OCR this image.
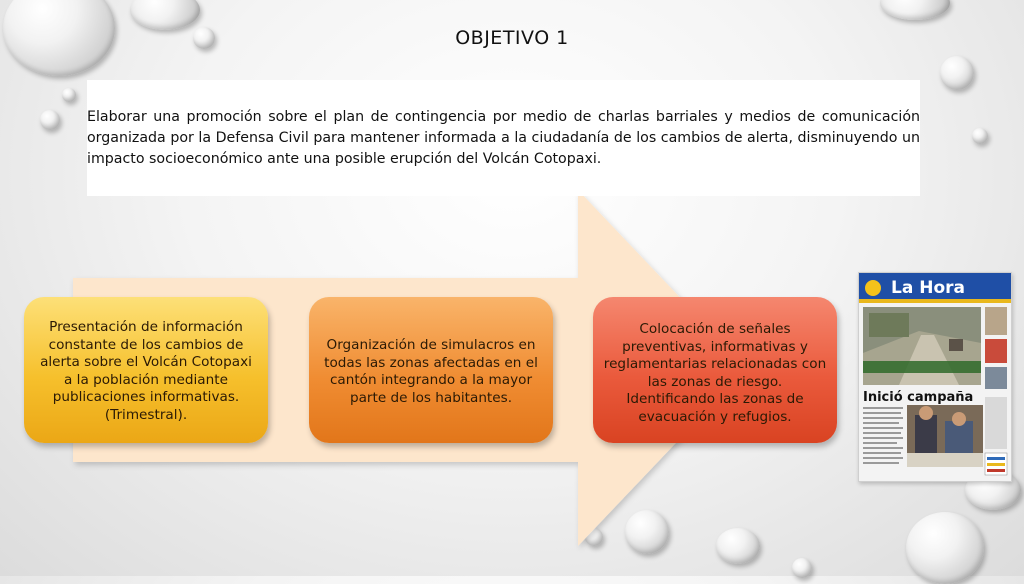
OBJETIVO 1

Elaborar una promoción sobre el plan de contingencia por medio de charlas barriales y medios de comunicación organizada por la Defensa Civil para mantener informada a la ciudadanía de los cambios de alerta, disminuyendo un impacto socioeconómico ante una posible erupción del Volcán Cotopaxi.

Presentación de información constante de los cambios de alerta sobre el Volcán Cotopaxi a la población mediante publicaciones informativas. (Trimestral).
Organización de simulacros en todas las zonas afectadas en el cantón integrando a la mayor parte de los habitantes.
Colocación de señales preventivas, informativas y reglamentarias relacionadas con las zonas de riesgo. Identificando las zonas de evacuación y refugios.
La Hora
Inició campaña
